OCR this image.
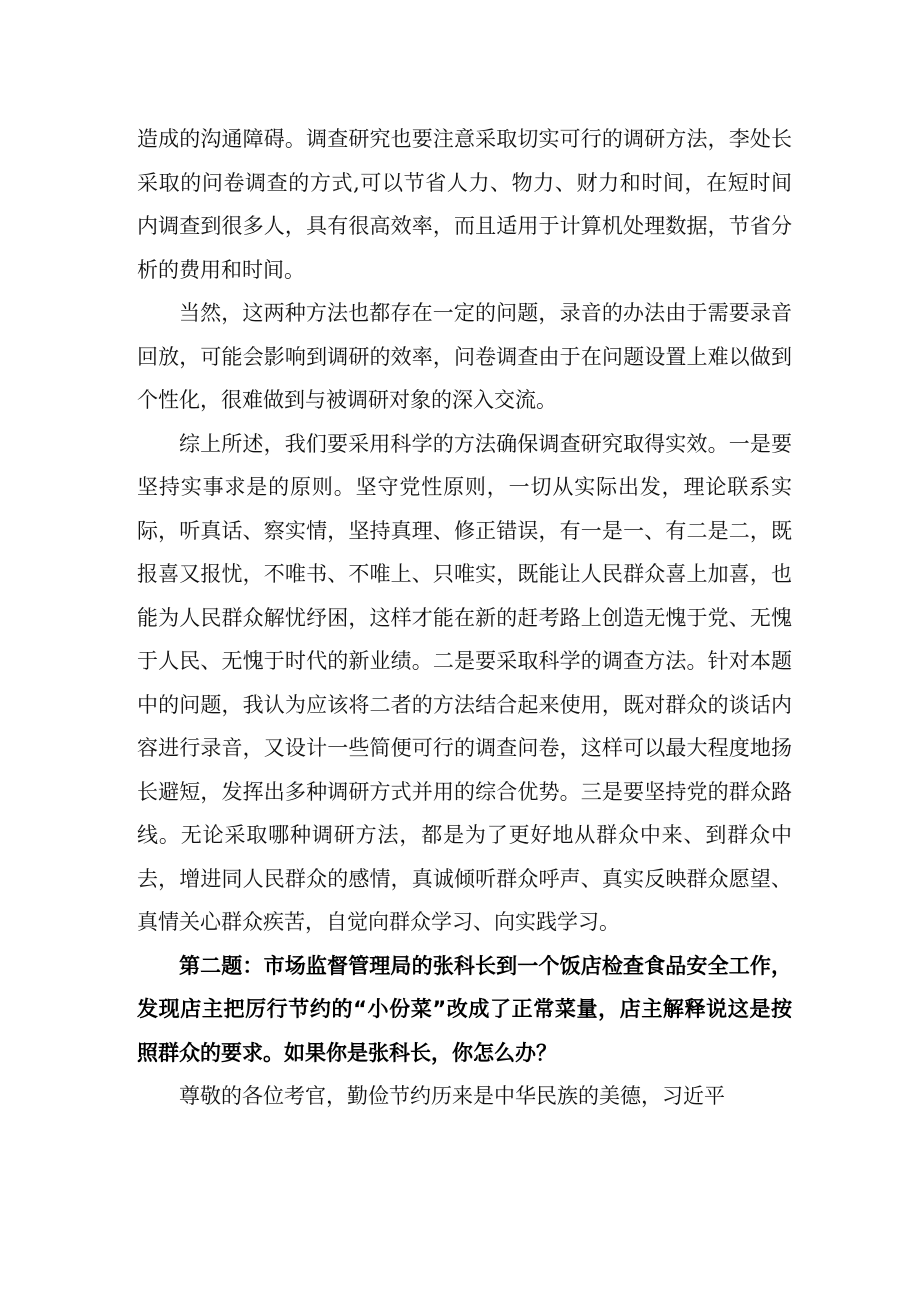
造成的沟通障碍。调查研究也要注意采取切实可行的调研方法，李处长采取的问卷调查的方式,可以节省人力、物力、财力和时间，在短时间内调查到很多人，具有很高效率，而且适用于计算机处理数据，节省分析的费用和时间。

当然，这两种方法也都存在一定的问题，录音的办法由于需要录音回放，可能会影响到调研的效率，问卷调查由于在问题设置上难以做到个性化，很难做到与被调研对象的深入交流。

综上所述，我们要采用科学的方法确保调查研究取得实效。一是要坚持实事求是的原则。坚守党性原则，一切从实际出发，理论联系实际，听真话、察实情，坚持真理、修正错误，有一是一、有二是二，既报喜又报忧，不唯书、不唯上、只唯实，既能让人民群众喜上加喜，也能为人民群众解忧纾困，这样才能在新的赶考路上创造无愧于党、无愧于人民、无愧于时代的新业绩。二是要采取科学的调查方法。针对本题中的问题，我认为应该将二者的方法结合起来使用，既对群众的谈话内容进行录音，又设计一些简便可行的调查问卷，这样可以最大程度地扬长避短，发挥出多种调研方式并用的综合优势。三是要坚持党的群众路线。无论采取哪种调研方法，都是为了更好地从群众中来、到群众中去，增进同人民群众的感情，真诚倾听群众呼声、真实反映群众愿望、真情关心群众疾苦，自觉向群众学习、向实践学习。

第二题：市场监督管理局的张科长到一个饭店检查食品安全工作，发现店主把厉行节约的“小份菜”改成了正常菜量，店主解释说这是按照群众的要求。如果你是张科长，你怎么办？

尊敬的各位考官，勤俭节约历来是中华民族的美德，习近平
